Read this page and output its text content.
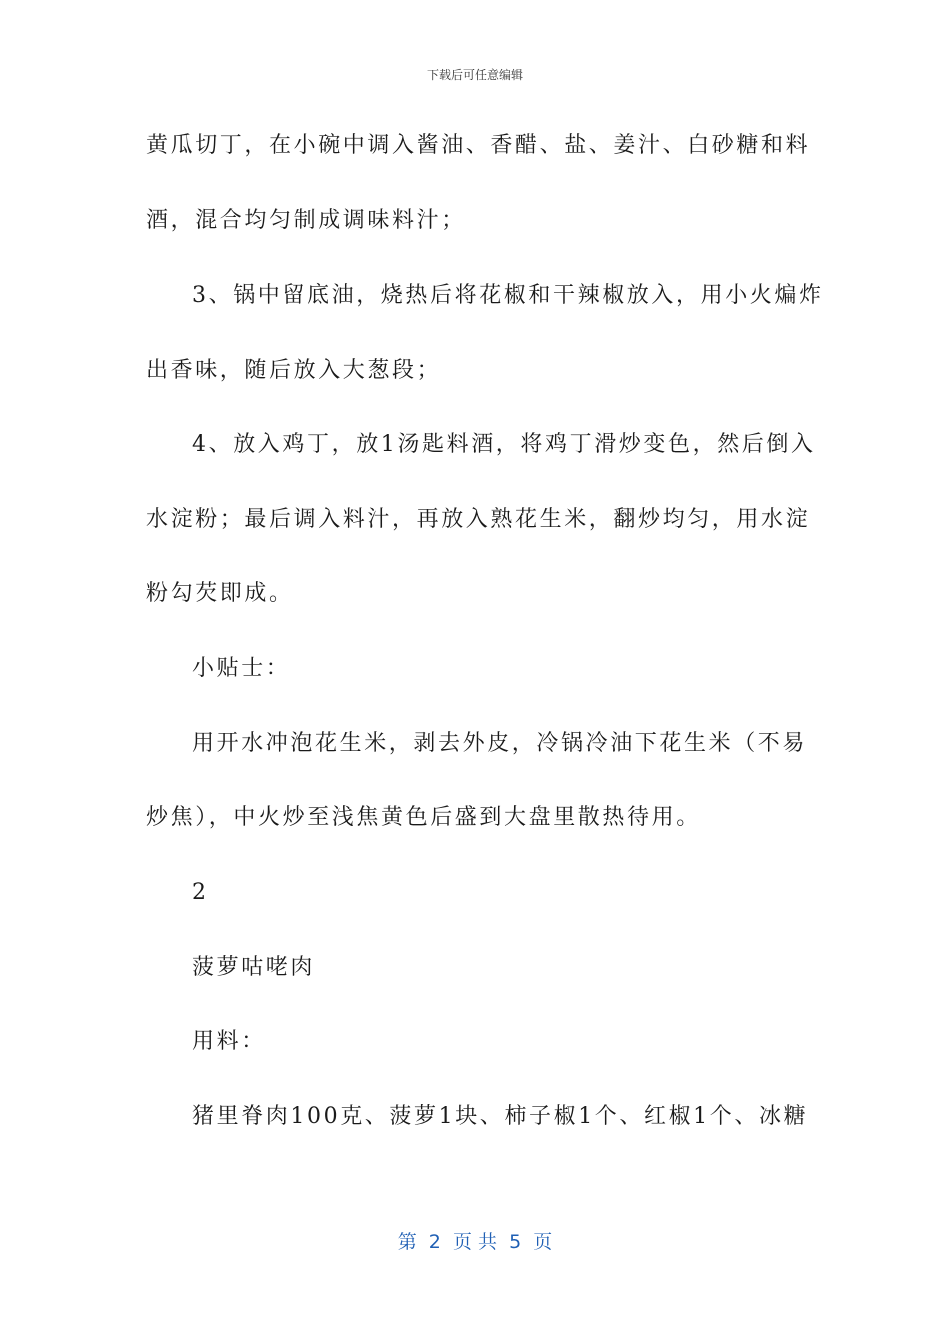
下载后可任意编辑
黄瓜切丁，在小碗中调入酱油、香醋、盐、姜汁、白砂糖和料
酒，混合均匀制成调味料汁；
3、锅中留底油，烧热后将花椒和干辣椒放入，用小火煸炸
出香味，随后放入大葱段；
4、放入鸡丁，放1汤匙料酒，将鸡丁滑炒变色，然后倒入
水淀粉；最后调入料汁，再放入熟花生米，翻炒均匀，用水淀
粉勾芡即成。
小贴士：
用开水冲泡花生米，剥去外皮，冷锅冷油下花生米（不易
炒焦），中火炒至浅焦黄色后盛到大盘里散热待用。
2
菠萝咕咾肉
用料：
猪里脊肉100克、菠萝1块、柿子椒1个、红椒1个、冰糖
第  2  页 共  5  页
